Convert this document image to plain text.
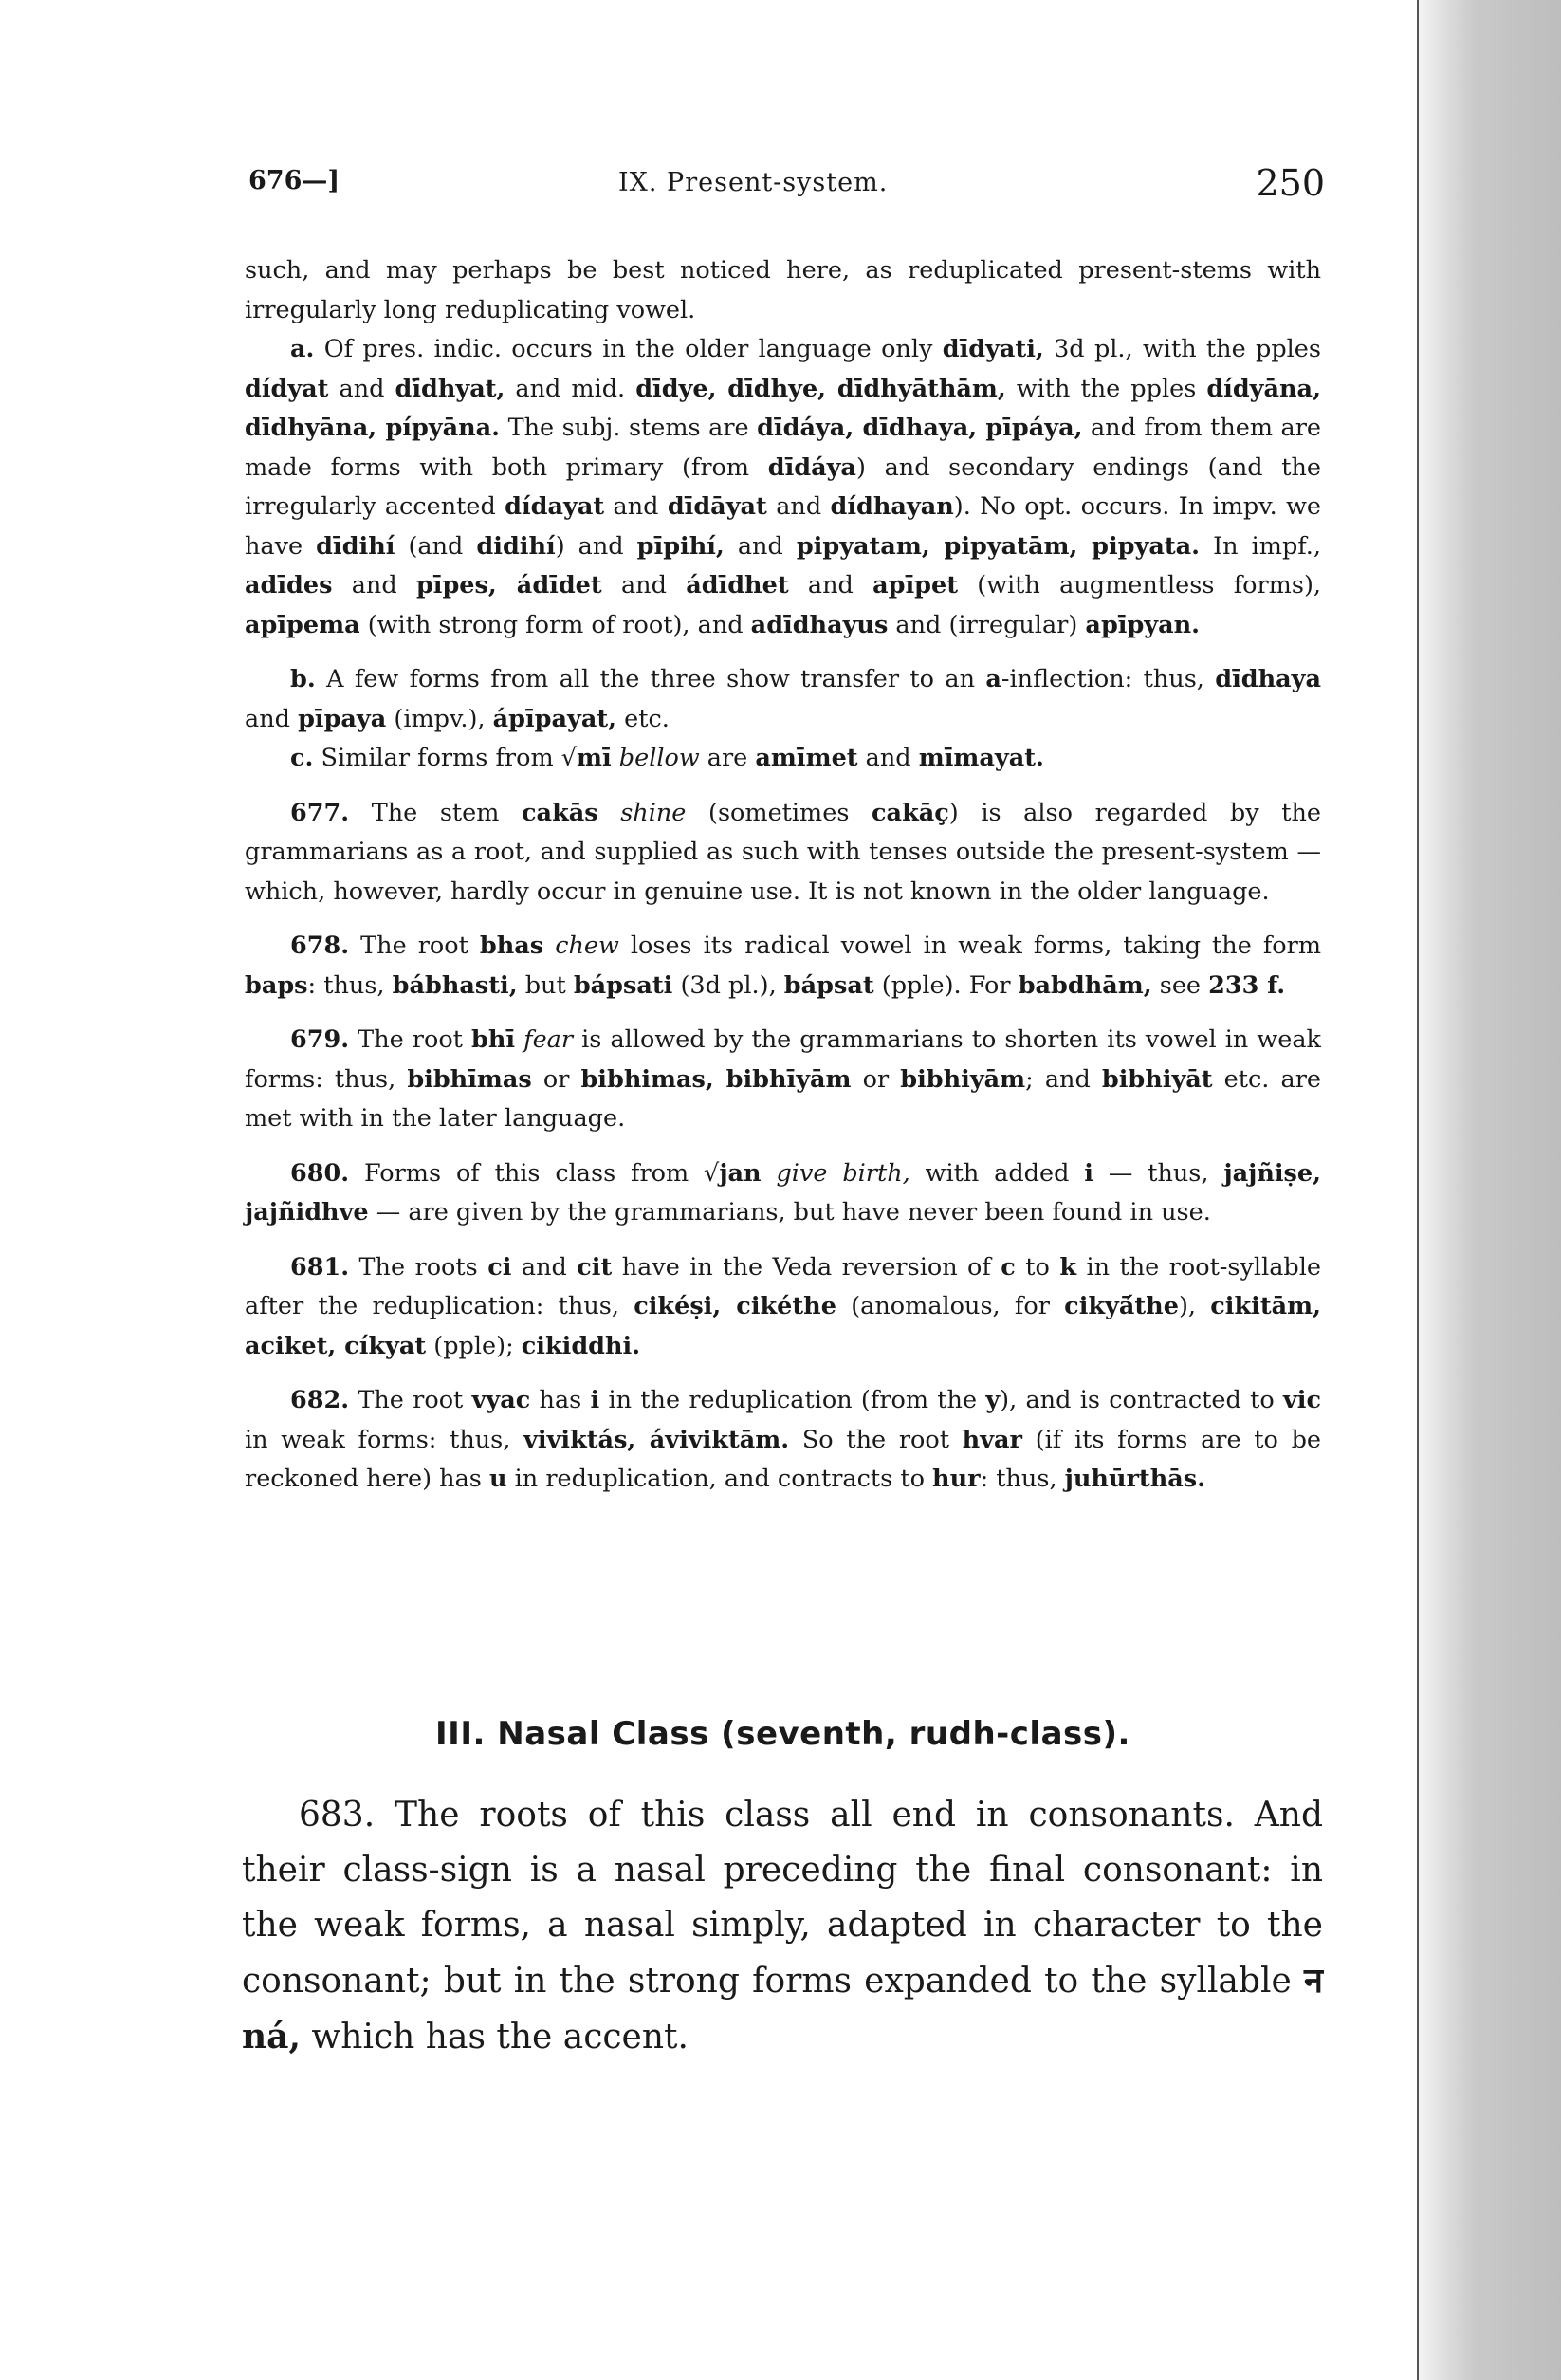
676—]	IX. Present-system.	250

such, and may perhaps be best noticed here, as reduplicated present-stems with irregularly long reduplicating vowel.

a. Of pres. indic. occurs in the older language only dīdyati, 3d pl., with the pples dídyat and dī́dhyat, and mid. dīdye, dīdhye, dīdhyāthām, with the pples dídyāna, dīdhyāna, pípyāna. The subj. stems are dīdáya, dīdhaya, pīpáya, and from them are made forms with both primary (from dīdáya) and secondary endings (and the irregularly accented dídayat and dīdāyat and dídhayan). No opt. occurs. In impv. we have dīdihí (and didihí) and pīpihí, and pipyatam, pipyatām, pipyata. In impf., adīdes and pīpes, ádīdet and ádīdhet and apīpet (with augmentless forms), apīpema (with strong form of root), and adīdhayus and (irregular) apīpyan.

b. A few forms from all the three show transfer to an a-inflection: thus, dīdhaya and pīpaya (impv.), ápīpayat, etc.

c. Similar forms from √mī bellow are amīmet and mīmayat.

677. The stem cakās shine (sometimes cakāç) is also regarded by the grammarians as a root, and supplied as such with tenses outside the present-system — which, however, hardly occur in genuine use. It is not known in the older language.

678. The root bhas chew loses its radical vowel in weak forms, taking the form baps: thus, bábhasti, but bápsati (3d pl.), bápsat (pple). For babdhām, see 233 f.

679. The root bhī fear is allowed by the grammarians to shorten its vowel in weak forms: thus, bibhīmas or bibhimas, bibhīyām or bibhiyām; and bibhiyāt etc. are met with in the later language.

680. Forms of this class from √jan give birth, with added i — thus, jajñiṣe, jajñidhve — are given by the grammarians, but have never been found in use.

681. The roots ci and cit have in the Veda reversion of c to k in the root-syllable after the reduplication: thus, cikéṣi, cikéthe (anomalous, for cikyā́the), cikitām, aciket, cíkyat (pple); cikiddhi.

682. The root vyac has i in the reduplication (from the y), and is contracted to vic in weak forms: thus, viviktás, áviviktām. So the root hvar (if its forms are to be reckoned here) has u in reduplication, and contracts to hur: thus, juhūrthās.

III. Nasal Class (seventh, rudh-class).

683. The roots of this class all end in consonants. And their class-sign is a nasal preceding the final consonant: in the weak forms, a nasal simply, adapted in character to the consonant; but in the strong forms expanded to the syllable न ná, which has the accent.
